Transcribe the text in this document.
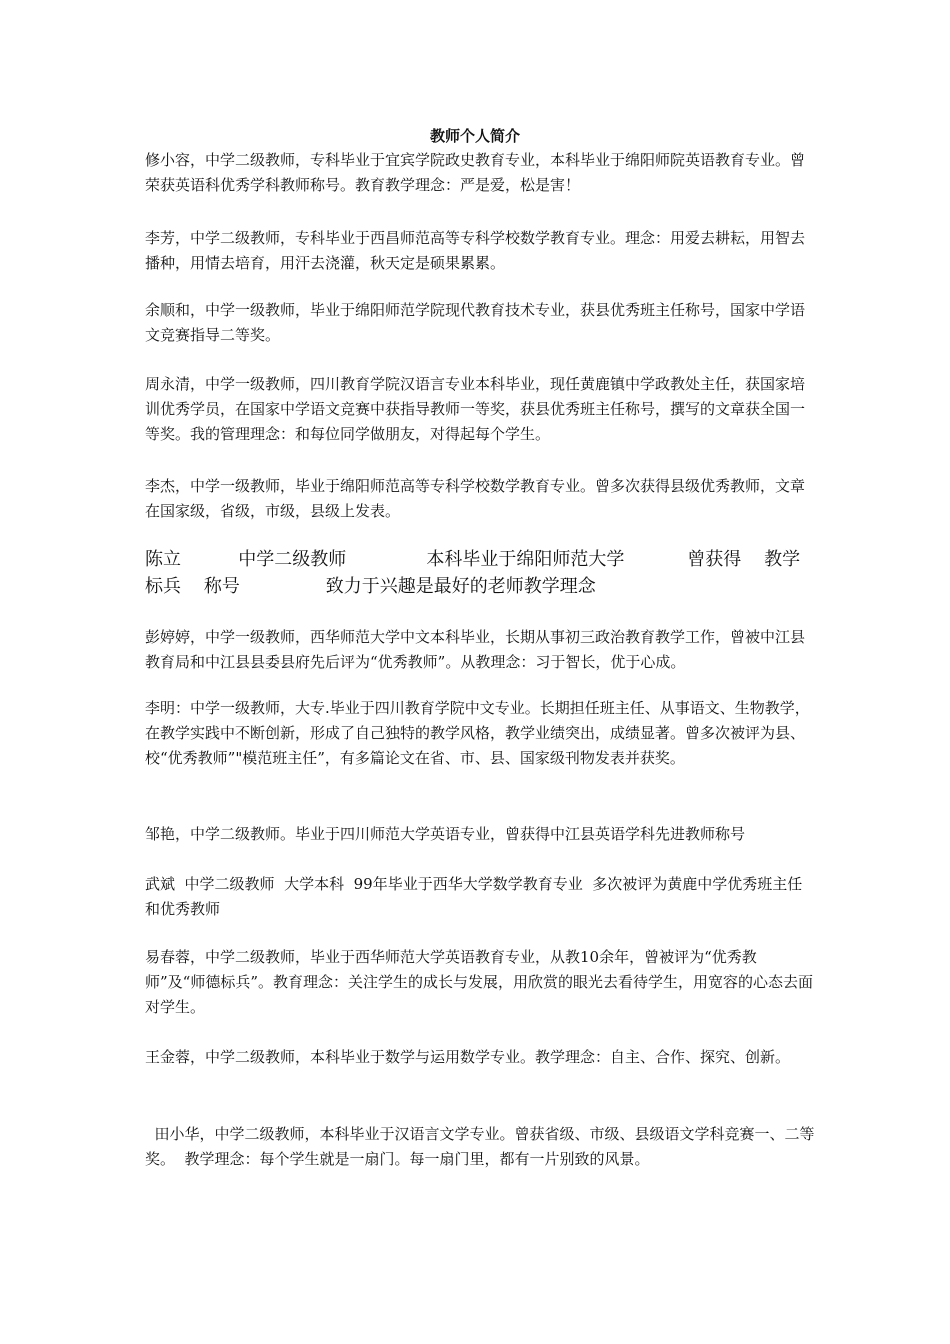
教师个人简介

修小容，中学二级教师，专科毕业于宜宾学院政史教育专业，本科毕业于绵阳师院英语教育专业。曾荣获英语科优秀学科教师称号。教育教学理念：严是爱，松是害！

李芳，中学二级教师，专科毕业于西昌师范高等专科学校数学教育专业。理念：用爱去耕耘，用智去播种，用情去培育，用汗去浇灌，秋天定是硕果累累。

余顺和，中学一级教师，毕业于绵阳师范学院现代教育技术专业，获县优秀班主任称号，国家中学语文竞赛指导二等奖。

周永清，中学一级教师，四川教育学院汉语言专业本科毕业，现任黄鹿镇中学政教处主任，获国家培训优秀学员，在国家中学语文竞赛中获指导教师一等奖，获县优秀班主任称号，撰写的文章获全国一等奖。我的管理理念：和每位同学做朋友，对得起每个学生。

李杰，中学一级教师，毕业于绵阳师范高等专科学校数学教育专业。曾多次获得县级优秀教师，文章在国家级，省级，市级，县级上发表。

陈立          中学二级教师              本科毕业于绵阳师范大学           曾获得    教学标兵    称号               致力于兴趣是最好的老师教学理念

彭婷婷，中学一级教师，西华师范大学中文本科毕业，长期从事初三政治教育教学工作，曾被中江县教育局和中江县县委县府先后评为“优秀教师”。从教理念：习于智长，优于心成。

李明：中学一级教师，大专.毕业于四川教育学院中文专业。长期担任班主任、从事语文、生物教学，在教学实践中不断创新，形成了自己独特的教学风格，教学业绩突出，成绩显著。曾多次被评为县、校“优秀教师”"模范班主任”，有多篇论文在省、市、县、国家级刊物发表并获奖。

邹艳，中学二级教师。毕业于四川师范大学英语专业，曾获得中江县英语学科先进教师称号

武斌  中学二级教师  大学本科  99年毕业于西华大学数学教育专业  多次被评为黄鹿中学优秀班主任和优秀教师

易春蓉，中学二级教师，毕业于西华师范大学英语教育专业，从教10余年，曾被评为“优秀教师”及“师德标兵”。教育理念：关注学生的成长与发展，用欣赏的眼光去看待学生，用宽容的心态去面对学生。

王金蓉，中学二级教师，本科毕业于数学与运用数学专业。教学理念：自主、合作、探究、创新。

田小华，中学二级教师，本科毕业于汉语言文学专业。曾获省级、市级、县级语文学科竞赛一、二等奖。  教学理念：每个学生就是一扇门。每一扇门里，都有一片别致的风景。
